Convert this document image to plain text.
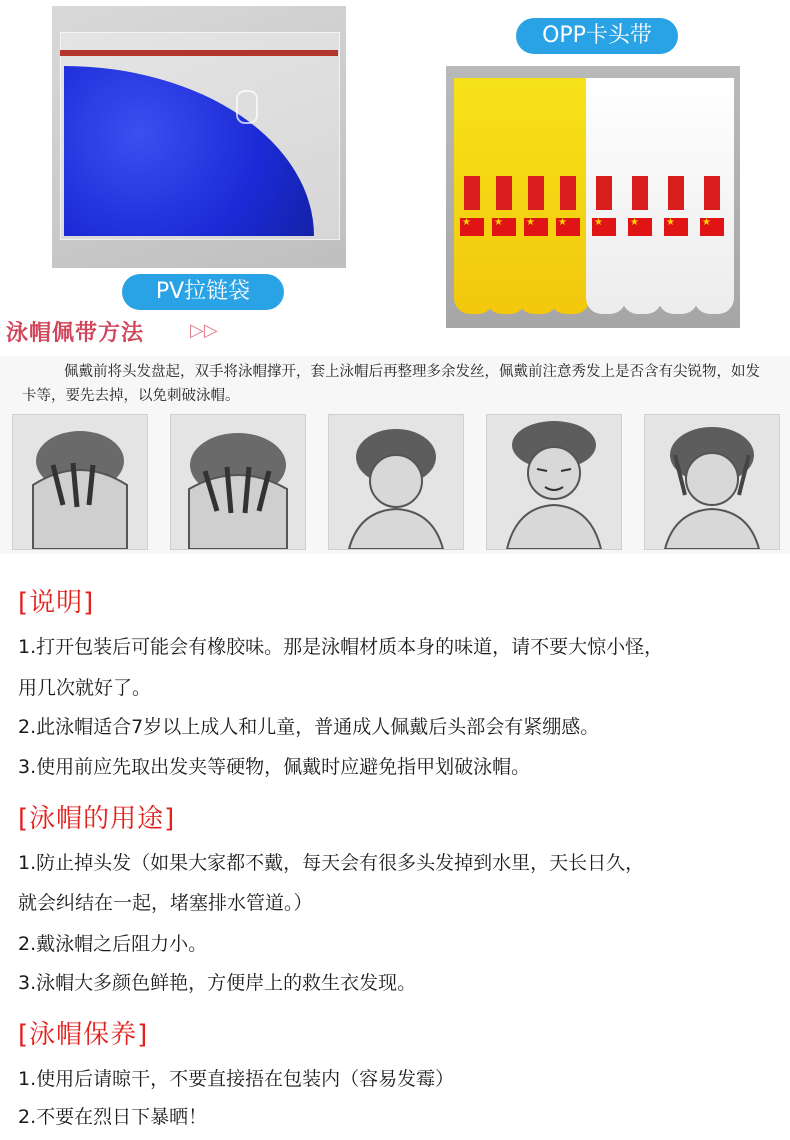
PV拉链袋
OPP卡头带
★
★
★
★
★
★
★
★
泳帽佩带方法	▷▷
佩戴前将头发盘起，双手将泳帽撑开，套上泳帽后再整理多余发丝，佩戴前注意秀发上是否含有尖锐物，如发卡等，要先去掉，以免刺破泳帽。
[说明]
1.打开包装后可能会有橡胶味。那是泳帽材质本身的味道，请不要大惊小怪，
用几次就好了。
2.此泳帽适合7岁以上成人和儿童，普通成人佩戴后头部会有紧绷感。
3.使用前应先取出发夹等硬物，佩戴时应避免指甲划破泳帽。
[泳帽的用途]
1.防止掉头发（如果大家都不戴，每天会有很多头发掉到水里，天长日久，
就会纠结在一起，堵塞排水管道。）
2.戴泳帽之后阻力小。
3.泳帽大多颜色鲜艳，方便岸上的救生衣发现。
[泳帽保养]
1.使用后请晾干，不要直接捂在包装内（容易发霉）
2.不要在烈日下暴晒！
